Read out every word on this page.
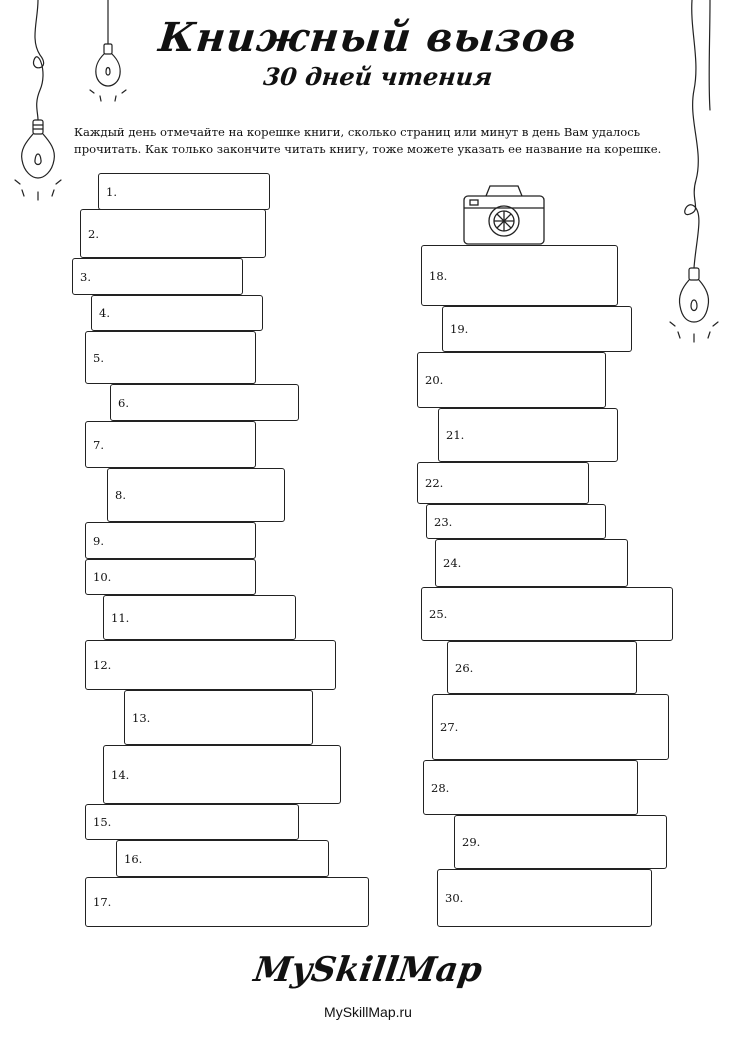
Книжный вызов
30 дней чтения
Каждый день отмечайте на корешке книги, сколько страниц или минут в день Вам удалось прочитать. Как только закончите читать книгу, тоже можете указать ее название на корешке.
1.
2.
3.
4.
5.
6.
7.
8.
9.
10.
11.
12.
13.
14.
15.
16.
17.
18.
19.
20.
21.
22.
23.
24.
25.
26.
27.
28.
29.
30.
MySkillMap
MySkillMap.ru
